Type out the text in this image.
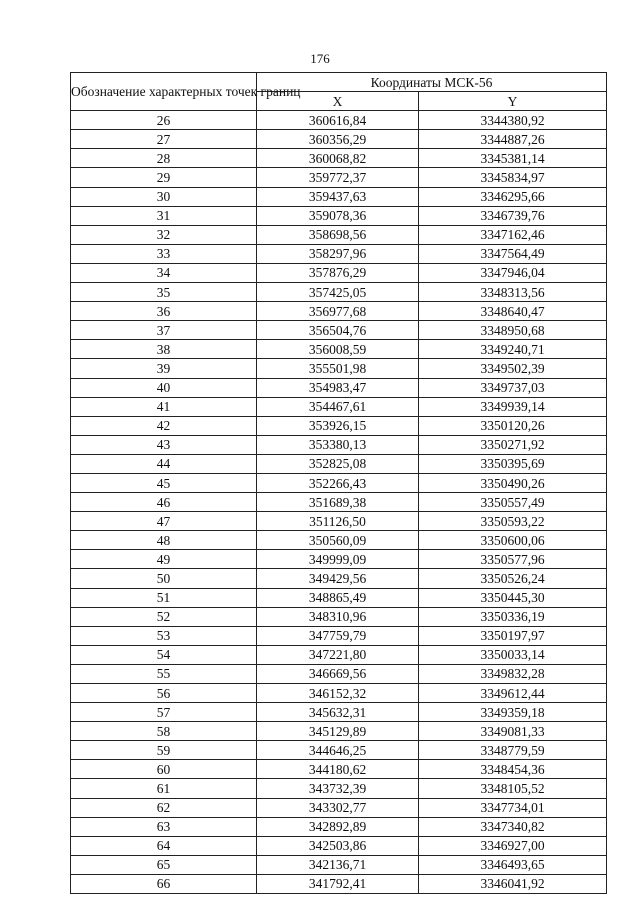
176
Обозначение характерных точек границ	Координаты МСК-56	
	X	Y
26	360616,84	3344380,92
27	360356,29	3344887,26
28	360068,82	3345381,14
29	359772,37	3345834,97
30	359437,63	3346295,66
31	359078,36	3346739,76
32	358698,56	3347162,46
33	358297,96	3347564,49
34	357876,29	3347946,04
35	357425,05	3348313,56
36	356977,68	3348640,47
37	356504,76	3348950,68
38	356008,59	3349240,71
39	355501,98	3349502,39
40	354983,47	3349737,03
41	354467,61	3349939,14
42	353926,15	3350120,26
43	353380,13	3350271,92
44	352825,08	3350395,69
45	352266,43	3350490,26
46	351689,38	3350557,49
47	351126,50	3350593,22
48	350560,09	3350600,06
49	349999,09	3350577,96
50	349429,56	3350526,24
51	348865,49	3350445,30
52	348310,96	3350336,19
53	347759,79	3350197,97
54	347221,80	3350033,14
55	346669,56	3349832,28
56	346152,32	3349612,44
57	345632,31	3349359,18
58	345129,89	3349081,33
59	344646,25	3348779,59
60	344180,62	3348454,36
61	343732,39	3348105,52
62	343302,77	3347734,01
63	342892,89	3347340,82
64	342503,86	3346927,00
65	342136,71	3346493,65
66	341792,41	3346041,92
